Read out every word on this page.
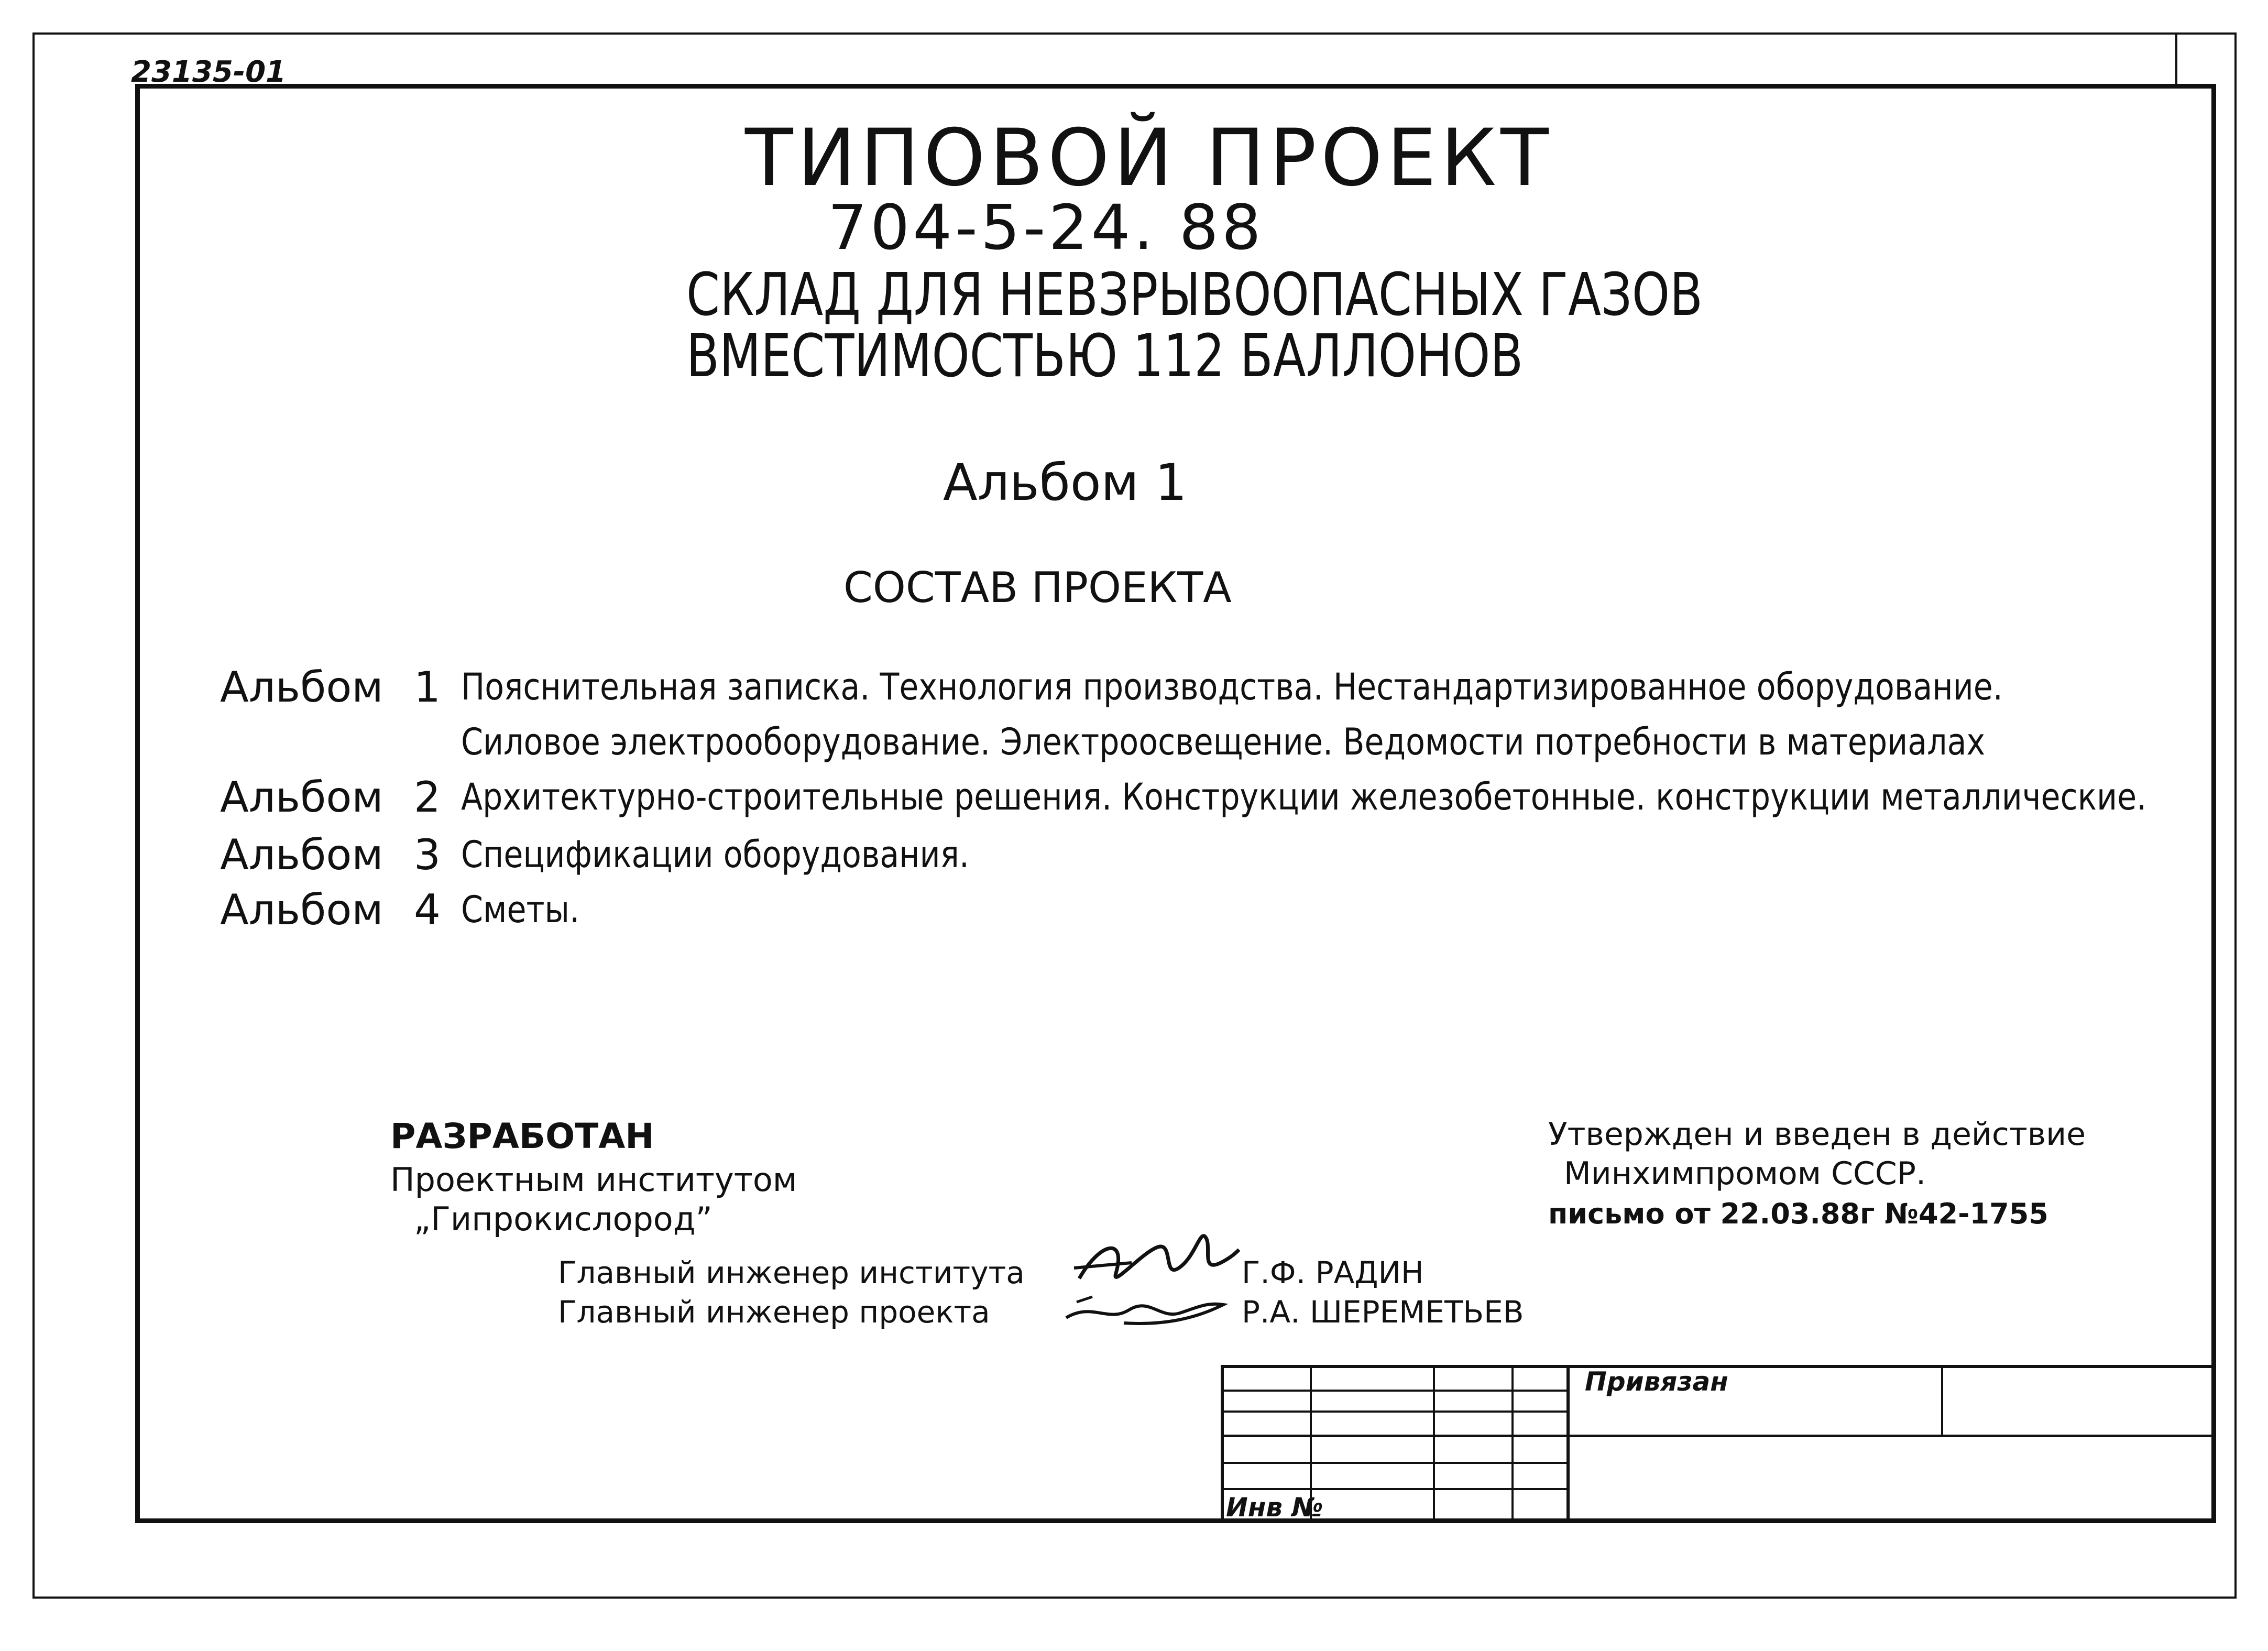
23135-01
ТИПОВОЙ ПРОЕКТ
704-5-24. 88
СКЛАД ДЛЯ НЕВЗРЫВООПАСНЫХ ГАЗОВ
ВМЕСТИМОСТЬЮ 112 БАЛЛОНОВ
Альбом 1
СОСТАВ ПРОЕКТА
Альбом 1 Пояснительная записка. Технология производства. Нестандартизированное оборудование.
Силовое электрооборудование. Электроосвещение. Ведомости потребности в материалах
Альбом 2 Архитектурно-строительные решения. Конструкции железобетонные. конструкции металлические.
Альбом 3 Спецификации оборудования.
Альбом 4 Сметы.
РАЗРАБОТАН
Проектным институтом
„Гипрокислород”
Утвержден и введен в действие
Минхимпромом СССР.
письмо от 22.03.88г №42-1755
Главный инженер института	Г.Ф. РАДИН
Главный инженер проекта	Р.А. ШЕРЕМЕТЬЕВ
Привязан
Инв №
